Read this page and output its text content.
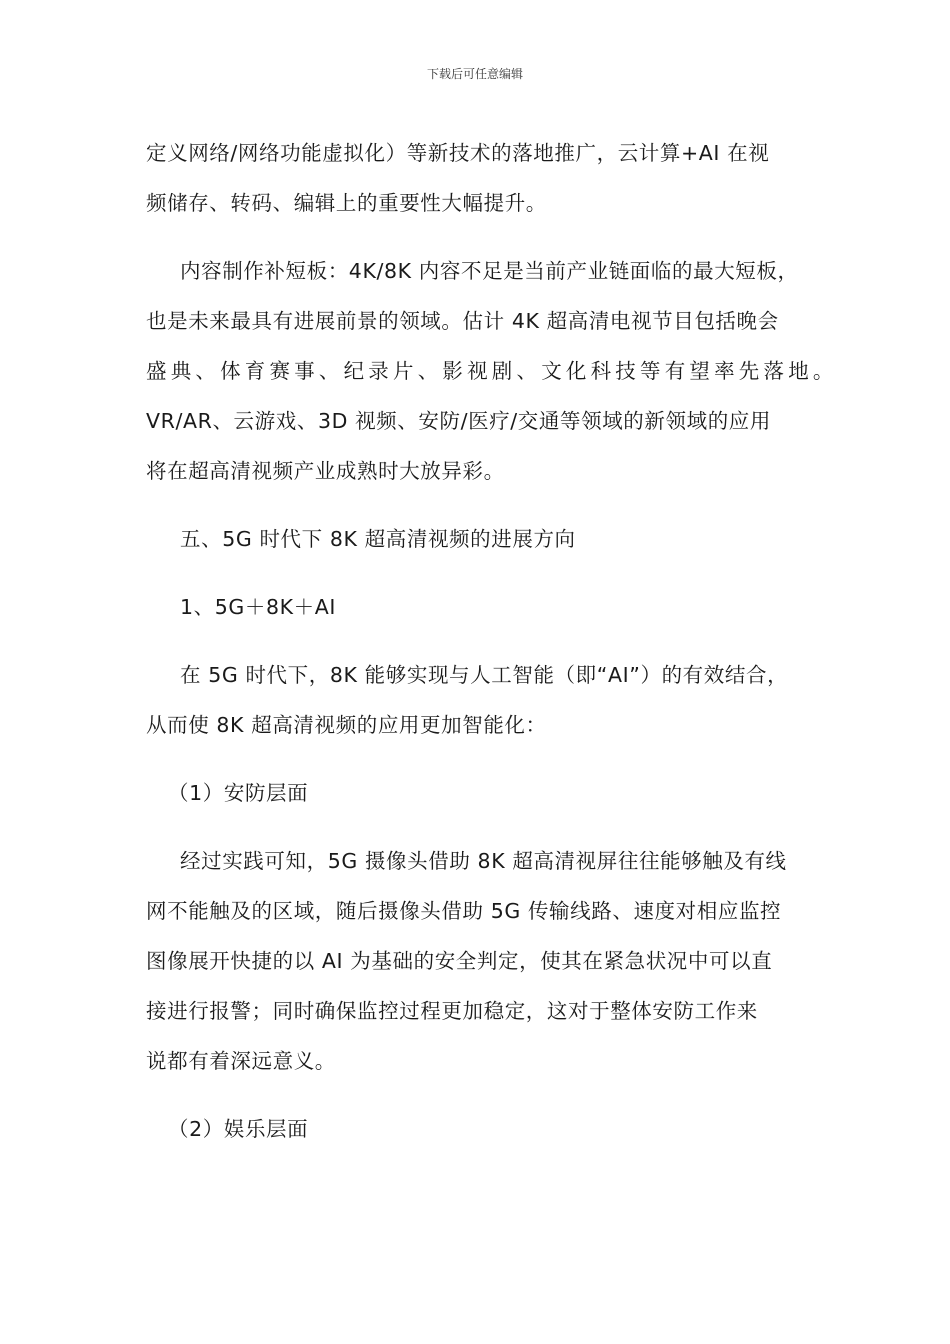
下载后可任意编辑
定义网络/网络功能虚拟化）等新技术的落地推广，云计算+AI 在视
频储存、转码、编辑上的重要性大幅提升。
内容制作补短板：4K/8K 内容不足是当前产业链面临的最大短板，
也是未来最具有进展前景的领域。估计 4K 超高清电视节目包括晚会
盛典、体育赛事、纪录片、影视剧、文化科技等有望率先落地。
VR/AR、云游戏、3D 视频、安防/医疗/交通等领域的新领域的应用
将在超高清视频产业成熟时大放异彩。
五、5G 时代下 8K 超高清视频的进展方向
1、5G＋8K＋AI
在 5G 时代下，8K 能够实现与人工智能（即“AI”）的有效结合，
从而使 8K 超高清视频的应用更加智能化：
（1）安防层面
经过实践可知，5G 摄像头借助 8K 超高清视屏往往能够触及有线
网不能触及的区域，随后摄像头借助 5G 传输线路、速度对相应监控
图像展开快捷的以 AI 为基础的安全判定，使其在紧急状况中可以直
接进行报警；同时确保监控过程更加稳定，这对于整体安防工作来
说都有着深远意义。
（2）娱乐层面
